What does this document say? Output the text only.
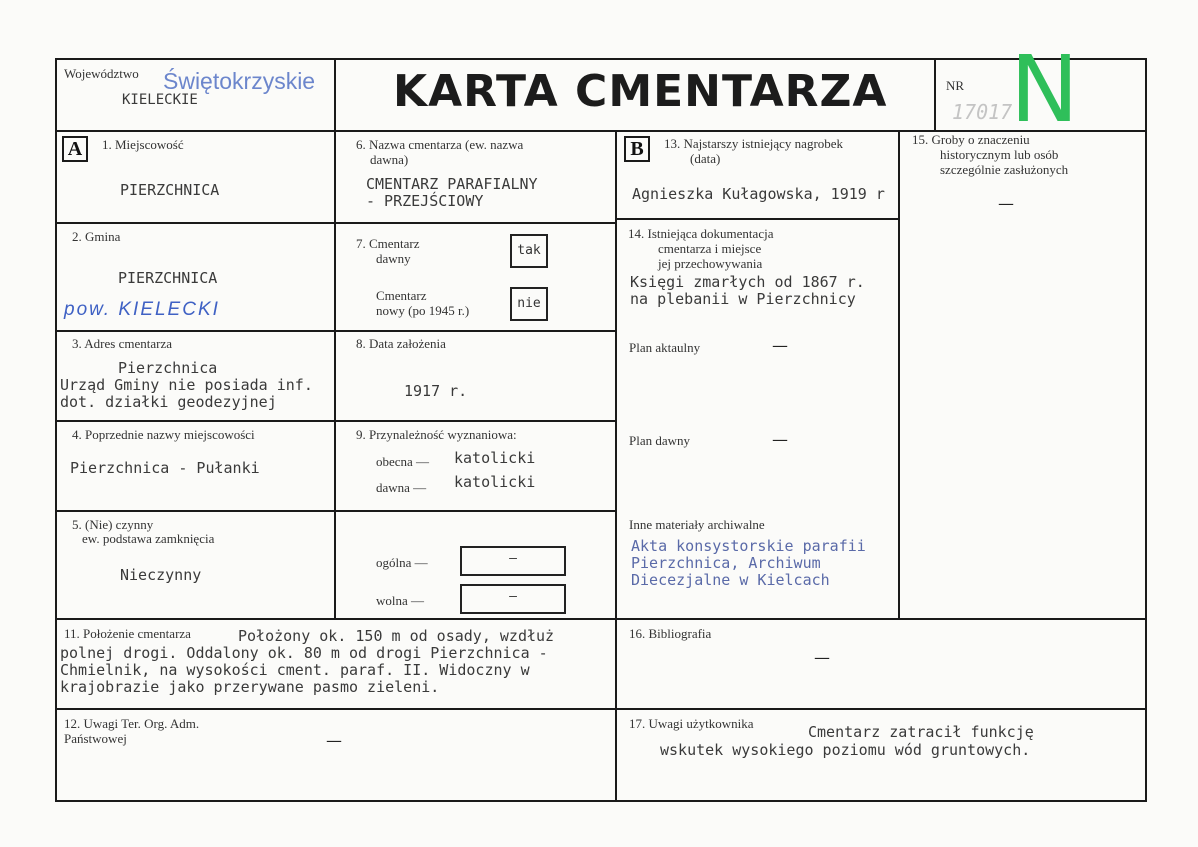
Województwo Świętokrzyskie
KIELECKIE	KARTA CMENTARZA	NR
17017
N
A	1. Miejscowość
PIERZCHNICA
2. Gmina
PIERZCHNICA
pow. KIELECKI
3. Adres cmentarza
Pierzchnica
Urząd Gminy nie posiada inf.
dot. działki geodezyjnej
4. Poprzednie nazwy miejscowości
Pierzchnica - Pułanki
5. (Nie) czynny
ew. podstawa zamknięcia
Nieczynny
6. Nazwa cmentarza (ew. nazwa
dawna)
CMENTARZ PARAFIALNY
- PRZEJŚCIOWY
7. Cmentarz
dawny
tak
Cmentarz
nowy (po 1945 r.)	nie
8. Data założenia
1917 r.
9. Przynależność wyznaniowa:
obecna — katolicki
dawna — katolicki
ogólna —	—
wolna —	—
B	13. Najstarszy istniejący nagrobek
(data)
Agnieszka Kułagowska, 1919 r
14. Istniejąca dokumentacja
cmentarza i miejsce
jej przechowywania
Księgi zmarłych od 1867 r.
na plebanii w Pierzchnicy
Plan aktaulny	—
Plan dawny	—
Inne materiały archiwalne
Akta konsystorskie parafii
Pierzchnica, Archiwum
Diecezjalne w Kielcach
15. Groby o znaczeniu
historycznym lub osób
szczególnie zasłużonych
—
11. Położenie cmentarza	Położony ok. 150 m od osady, wzdłuż
polnej drogi. Oddalony ok. 80 m od drogi Pierzchnica -
Chmielnik, na wysokości cment. paraf. II. Widoczny w
krajobrazie jako przerywane pasmo zieleni.
16. Bibliografia
—
12. Uwagi Ter. Org. Adm.
Państwowej	—
17. Uwagi użytkownika	Cmentarz zatracił funkcję
wskutek wysokiego poziomu wód gruntowych.
